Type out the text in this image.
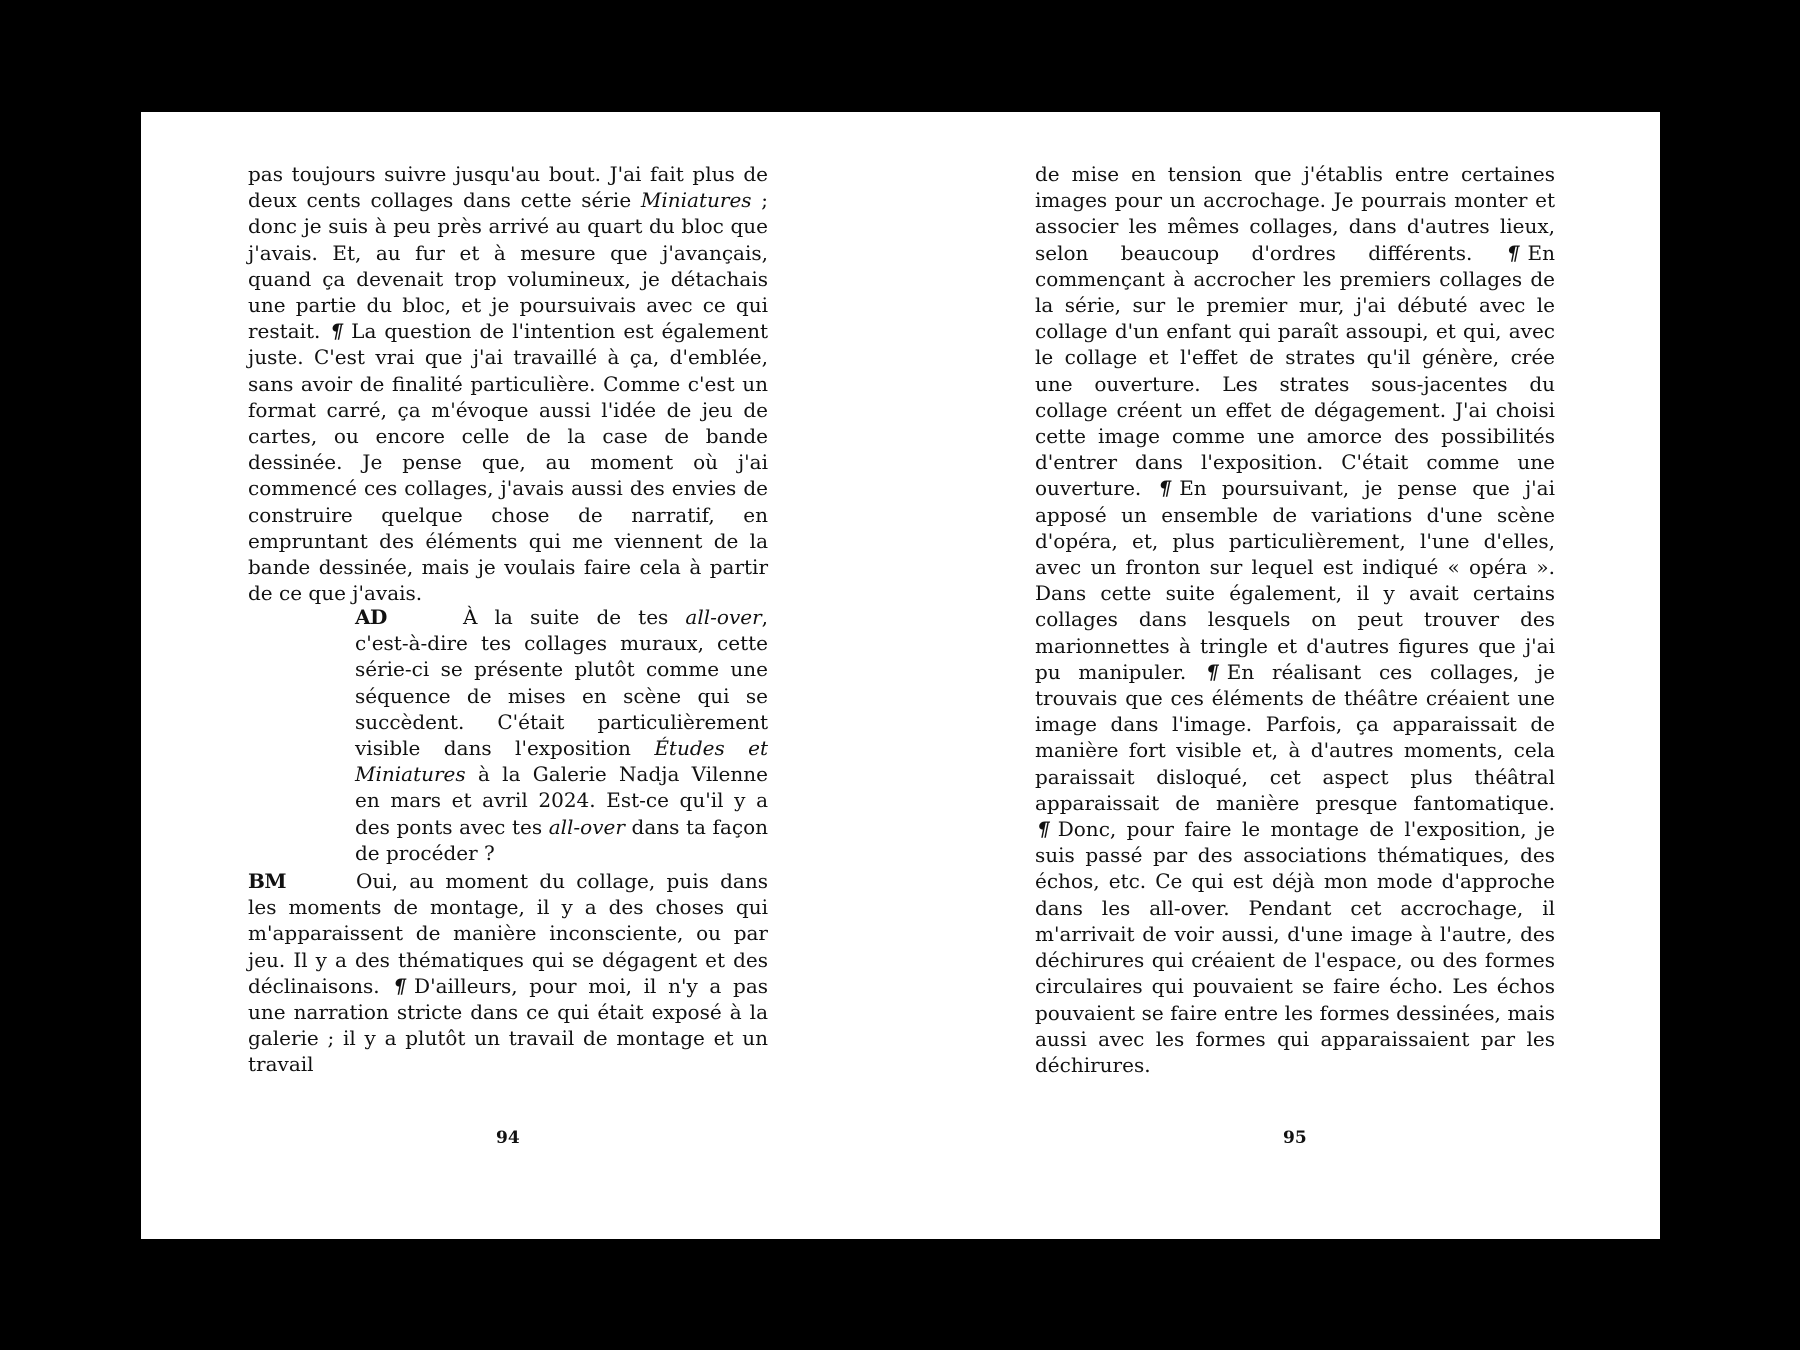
pas toujours suivre jusqu'au bout. J'ai fait plus de deux cents collages dans cette série Miniatures ; donc je suis à peu près arrivé au quart du bloc que j'avais. Et, au fur et à mesure que j'avançais, quand ça devenait trop volumineux, je détachais une partie du bloc, et je poursuivais avec ce qui restait. ¶ La question de l'intention est également juste. C'est vrai que j'ai travaillé à ça, d'emblée, sans avoir de finalité particulière. Comme c'est un format carré, ça m'évoque aussi l'idée de jeu de cartes, ou encore celle de la case de bande dessinée. Je pense que, au moment où j'ai commencé ces collages, j'avais aussi des envies de construire quelque chose de narratif, en empruntant des éléments qui me viennent de la bande dessinée, mais je voulais faire cela à partir de ce que j'avais.

AD	À la suite de tes all-over, c'est-à-dire tes collages muraux, cette série-ci se présente plutôt comme une séquence de mises en scène qui se succèdent. C'était particulièrement visible dans l'exposition Études et Miniatures à la Galerie Nadja Vilenne en mars et avril 2024. Est-ce qu'il y a des ponts avec tes all-over dans ta façon de procéder ?
BM	Oui, au moment du collage, puis dans les moments de montage, il y a des choses qui m'apparaissent de manière inconsciente, ou par jeu. Il y a des thématiques qui se dégagent et des déclinaisons. ¶ D'ailleurs, pour moi, il n'y a pas une narration stricte dans ce qui était exposé à la galerie ; il y a plutôt un travail de montage et un travail
94

de mise en tension que j'établis entre certaines images pour un accrochage. Je pourrais monter et associer les mêmes collages, dans d'autres lieux, selon beaucoup d'ordres différents. ¶ En commençant à accrocher les premiers collages de la série, sur le premier mur, j'ai débuté avec le collage d'un enfant qui paraît assoupi, et qui, avec le collage et l'effet de strates qu'il génère, crée une ouverture. Les strates sous-jacentes du collage créent un effet de dégagement. J'ai choisi cette image comme une amorce des possibilités d'entrer dans l'exposition. C'était comme une ouverture. ¶ En poursuivant, je pense que j'ai apposé un ensemble de variations d'une scène d'opéra, et, plus particulièrement, l'une d'elles, avec un fronton sur lequel est indiqué « opéra ». Dans cette suite également, il y avait certains collages dans lesquels on peut trouver des marionnettes à tringle et d'autres figures que j'ai pu manipuler. ¶ En réalisant ces collages, je trouvais que ces éléments de théâtre créaient une image dans l'image. Parfois, ça apparaissait de manière fort visible et, à d'autres moments, cela paraissait disloqué, cet aspect plus théâtral apparaissait de manière presque fantomatique. ¶ Donc, pour faire le montage de l'exposition, je suis passé par des associations thématiques, des échos, etc. Ce qui est déjà mon mode d'approche dans les all-over. Pendant cet accrochage, il m'arrivait de voir aussi, d'une image à l'autre, des déchirures qui créaient de l'espace, ou des formes circulaires qui pouvaient se faire écho. Les échos pouvaient se faire entre les formes dessinées, mais aussi avec les formes qui apparaissaient par les déchirures.

95
